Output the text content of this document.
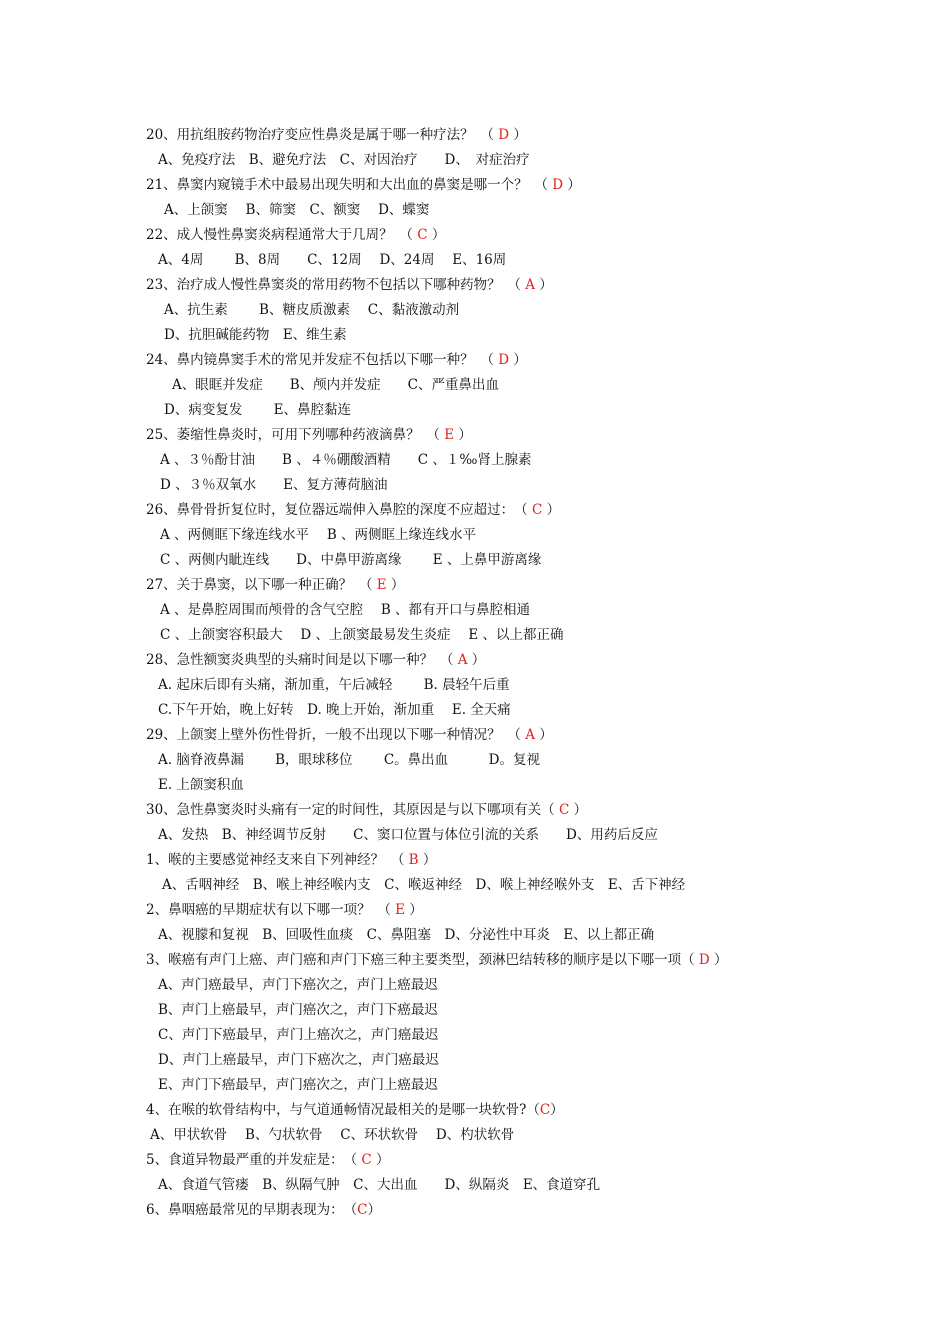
20、用抗组胺药物治疗变应性鼻炎是属于哪一种疗法？　（ D ）
A、免疫疗法　B、避免疗法　C、对因治疗　　D、　对症治疗
21、鼻窦内窥镜手术中最易出现失明和大出血的鼻窦是哪一个？　（ D ）
A、上颌窦　 B、筛窦　C、额窦　 D、蝶窦
22、成人慢性鼻窦炎病程通常大于几周？　（ C ）
A、4周　　 B、8周　　C、12周　 D、24周　 E、16周
23、治疗成人慢性鼻窦炎的常用药物不包括以下哪种药物？　（ A ）
A、抗生素　　 B、糖皮质激素　 C、黏液激动剂
D、抗胆碱能药物　E、维生素
24、鼻内镜鼻窦手术的常见并发症不包括以下哪一种？　（ D ）
A、眼眶并发症　　B、颅内并发症　　C、严重鼻出血
D、病变复发　　 E、鼻腔黏连
25、萎缩性鼻炎时，可用下列哪种药液滴鼻？　（ E ）
A 、３％酚甘油　　B 、４％硼酸酒精　　C 、１‰肾上腺素
D 、３％双氧水　　E、复方薄荷脑油
26、鼻骨骨折复位时，复位器远端伸入鼻腔的深度不应超过：　（ C ）
A 、两侧眶下缘连线水平　 B 、两侧眶上缘连线水平
C 、两侧内眦连线　　D、中鼻甲游离缘　　 E 、上鼻甲游离缘
27、关于鼻窦，以下哪一种正确？　（ E ）
A 、是鼻腔周围而颅骨的含气空腔　 B 、都有开口与鼻腔相通
C 、上颌窦容积最大　 D 、上颌窦最易发生炎症　 E 、以上都正确
28、急性额窦炎典型的头痛时间是以下哪一种？　（ A ）
A. 起床后即有头痛，渐加重，午后减轻　　 B. 晨轻午后重
C.下午开始，晚上好转　D. 晚上开始，渐加重　 E. 全天痛
29、上颌窦上壁外伤性骨折，一般不出现以下哪一种情况？　（ A ）
A. 脑脊液鼻漏　　 B，眼球移位　　 C。鼻出血　　　D。复视
E. 上颌窦积血
30、急性鼻窦炎时头痛有一定的时间性，其原因是与以下哪项有关（ C ）
A、发热　B、神经调节反射　　C、窦口位置与体位引流的关系　　D、用药后反应
1、喉的主要感觉神经支来自下列神经？　（ B ）
A、舌咽神经　B、喉上神经喉内支　C、喉返神经　D、喉上神经喉外支　E、舌下神经
2、鼻咽癌的早期症状有以下哪一项？　（ E ）
A、视朦和复视　B、回吸性血痰　C、鼻阻塞　D、分泌性中耳炎　E、以上都正确
3、喉癌有声门上癌、声门癌和声门下癌三种主要类型，颈淋巴结转移的顺序是以下哪一项（ D ）
A、声门癌最早，声门下癌次之，声门上癌最迟
B、声门上癌最早，声门癌次之，声门下癌最迟
C、声门下癌最早，声门上癌次之，声门癌最迟
D、声门上癌最早，声门下癌次之，声门癌最迟
E、声门下癌最早，声门癌次之，声门上癌最迟
4、在喉的软骨结构中，与气道通畅情况最相关的是哪一块软骨?（C）
A、甲状软骨　 B、勺状软骨　 C、环状软骨　 D、杓状软骨
5、食道异物最严重的并发症是：　（ C ）
A、食道气管瘘　B、纵隔气肿　C、大出血　　D、纵隔炎　E、食道穿孔
6、鼻咽癌最常见的早期表现为：　（C）
